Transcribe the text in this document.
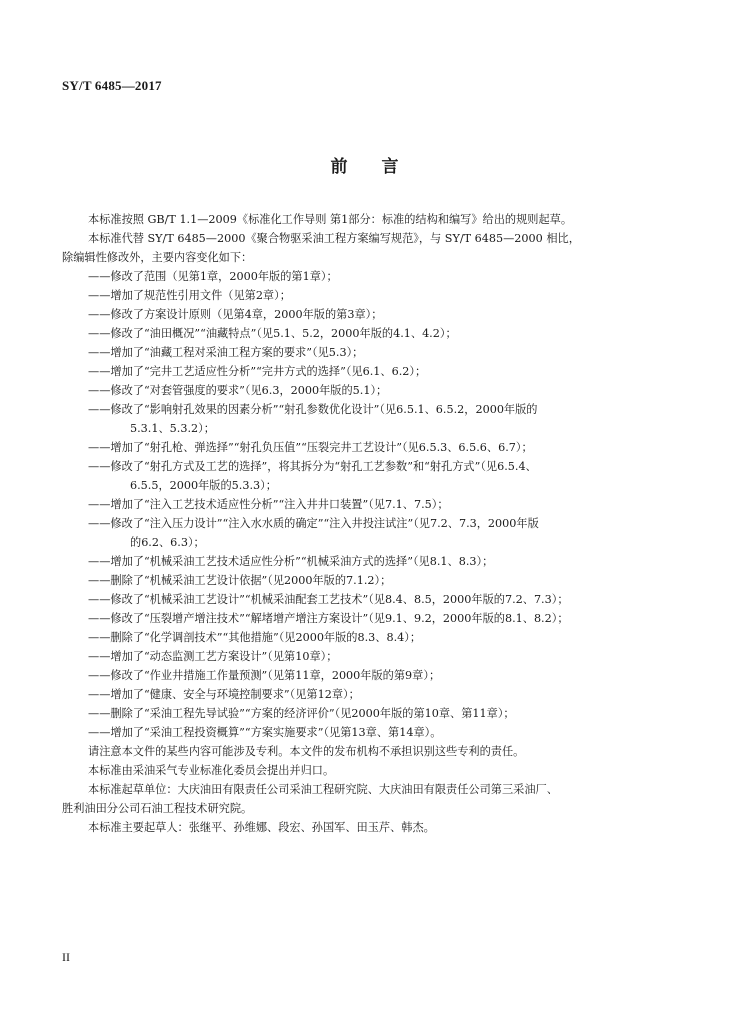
SY/T 6485—2017
前言
本标准按照 GB/T 1.1—2009《标准化工作导则 第1部分：标准的结构和编写》给出的规则起草。
本标准代替 SY/T 6485—2000《聚合物驱采油工程方案编写规范》，与 SY/T 6485—2000 相比，
除编辑性修改外，主要内容变化如下：
——修改了范围（见第1章，2000年版的第1章）；
——增加了规范性引用文件（见第2章）；
——修改了方案设计原则（见第4章，2000年版的第3章）；
——修改了“油田概况”“油藏特点”（见5.1、5.2，2000年版的4.1、4.2）；
——增加了“油藏工程对采油工程方案的要求”（见5.3）；
——增加了“完井工艺适应性分析”“完井方式的选择”（见6.1、6.2）；
——修改了“对套管强度的要求”（见6.3，2000年版的5.1）；
——修改了“影响射孔效果的因素分析”“射孔参数优化设计”（见6.5.1、6.5.2，2000年版的
5.3.1、5.3.2）；
——增加了“射孔枪、弹选择”“射孔负压值”“压裂完井工艺设计”（见6.5.3、6.5.6、6.7）；
——修改了“射孔方式及工艺的选择”，将其拆分为“射孔工艺参数”和“射孔方式”（见6.5.4、
6.5.5，2000年版的5.3.3）；
——增加了“注入工艺技术适应性分析”“注入井井口装置”（见7.1、7.5）；
——修改了“注入压力设计”“注入水水质的确定”“注入井投注试注”（见7.2、7.3，2000年版
的6.2、6.3）；
——增加了“机械采油工艺技术适应性分析”“机械采油方式的选择”（见8.1、8.3）；
——删除了“机械采油工艺设计依据”（见2000年版的7.1.2）；
——修改了“机械采油工艺设计”“机械采油配套工艺技术”（见8.4、8.5，2000年版的7.2、7.3）；
——修改了“压裂增产增注技术”“解堵增产增注方案设计”（见9.1、9.2，2000年版的8.1、8.2）；
——删除了“化学调剖技术”“其他措施”（见2000年版的8.3、8.4）；
——增加了“动态监测工艺方案设计”（见第10章）；
——修改了“作业井措施工作量预测”（见第11章，2000年版的第9章）；
——增加了“健康、安全与环境控制要求”（见第12章）；
——删除了“采油工程先导试验”“方案的经济评价”（见2000年版的第10章、第11章）；
——增加了“采油工程投资概算”“方案实施要求”（见第13章、第14章）。
请注意本文件的某些内容可能涉及专利。本文件的发布机构不承担识别这些专利的责任。
本标准由采油采气专业标准化委员会提出并归口。
本标准起草单位：大庆油田有限责任公司采油工程研究院、大庆油田有限责任公司第三采油厂、
胜利油田分公司石油工程技术研究院。
本标准主要起草人：张继平、孙维娜、段宏、孙国军、田玉芹、韩杰。
II
